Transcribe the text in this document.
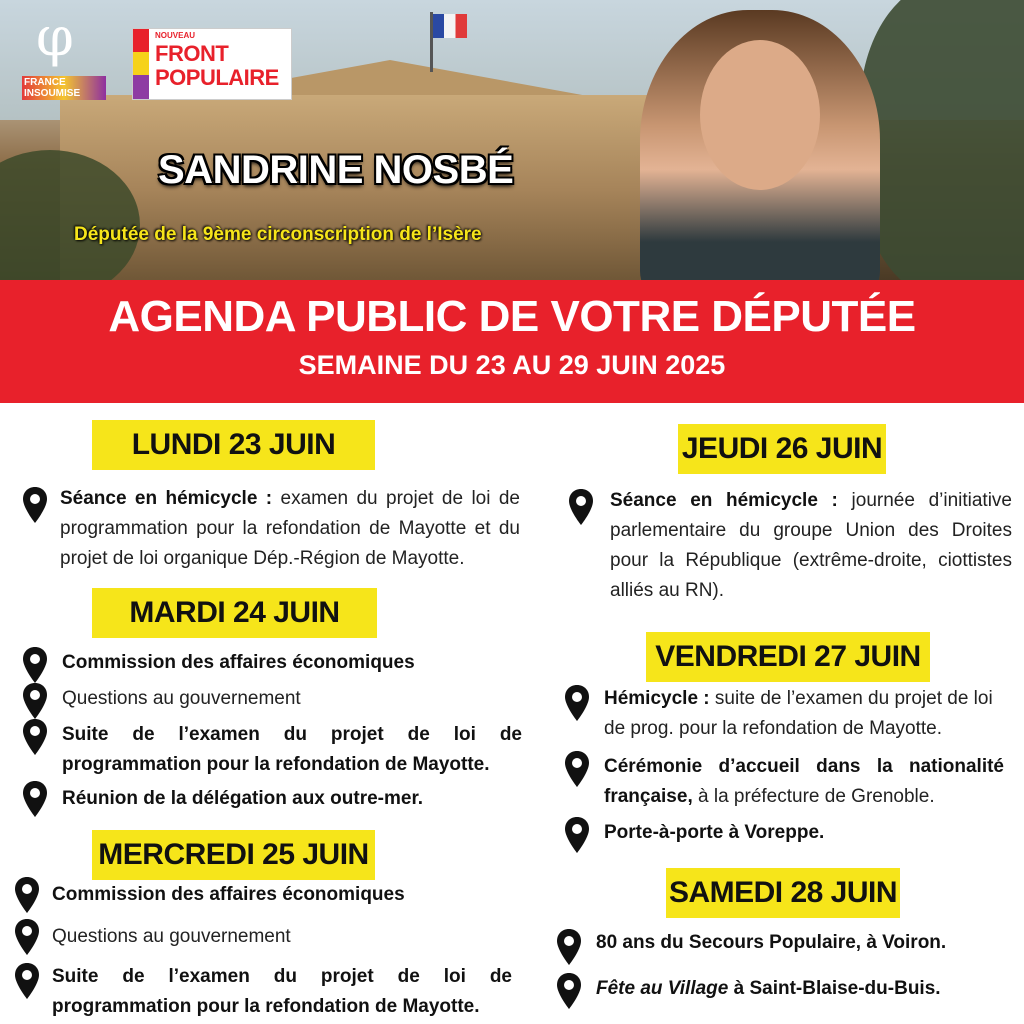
φ
FRANCE INSOUMISE
NOUVEAU
FRONT
POPULAIRE
SANDRINE NOSBÉ
Députée de la 9ème circonscription de l’Isère
AGENDA PUBLIC DE VOTRE DÉPUTÉE
SEMAINE DU 23 AU 29 JUIN 2025
LUNDI 23 JUIN
Séance en hémicycle : examen du projet de loi de programmation pour la refondation de Mayotte et du projet de loi organique Dép.-Région de Mayotte.
MARDI 24 JUIN
Commission des affaires économiques
Questions au gouvernement
Suite de l’examen du projet de loi de programmation pour la refondation de Mayotte.
Réunion de la délégation aux outre-mer.
MERCREDI 25 JUIN
Commission des affaires économiques
Questions au gouvernement
Suite de l’examen du projet de loi de programmation pour la refondation de Mayotte.
JEUDI 26 JUIN
Séance en hémicycle : journée d’initiative parlementaire du groupe Union des Droites pour la République (extrême-droite, ciottistes alliés au RN).
VENDREDI 27 JUIN
Hémicycle : suite de l’examen du projet de loi de prog. pour la refondation de Mayotte.
Cérémonie d’accueil dans la nationalité française, à la préfecture de Grenoble.
Porte-à-porte à Voreppe.
SAMEDI 28 JUIN
80 ans du Secours Populaire, à Voiron.
Fête au Village à Saint-Blaise-du-Buis.
